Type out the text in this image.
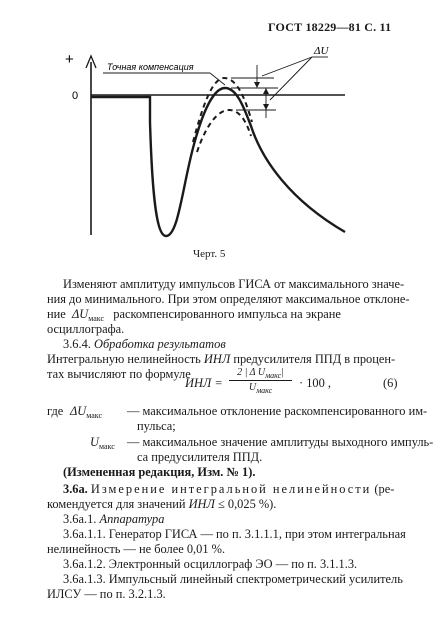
ГОСТ 18229—81 С. 11
+
0
Точная компенсация
ΔU
Черт. 5
Изменяют амплитуду импульсов ГИСА от максимального значе-
ния до минимального. При этом определяют максимальное отклоне-
ние $\Delta U_{макс}$ раскомпенсированного импульса на экране
осциллографа.
3.6.4. Обработка результатов
Интегральную нелинейность ИНЛ предусилителя ППД в процен-
тах вычисляют по формуле
ИНЛ =
2 | Δ $U_{макс}|$
$U_{макс}$
· 100 ,	(6)
где $\Delta U_{макс}$ — максимальное отклонение раскомпенсированного им-
пульса;
$U_{макс}$ — максимальное значение амплитуды выходного импуль-
са предусилителя ППД.
(Измененная редакция, Изм. № 1).
3.6а. Измерение интегральной нелинейности (ре-
комендуется для значений ИНЛ ≤ 0,025 %).
3.6а.1. Аппаратура
3.6а.1.1. Генератор ГИСА — по п. 3.1.1.1, при этом интегральная
нелинейность — не более 0,01 %.
3.6а.1.2. Электронный осциллограф ЭО — по п. 3.1.1.3.
3.6а.1.3. Импульсный линейный спектрометрический усилитель
ИЛСУ — по п. 3.2.1.3.
